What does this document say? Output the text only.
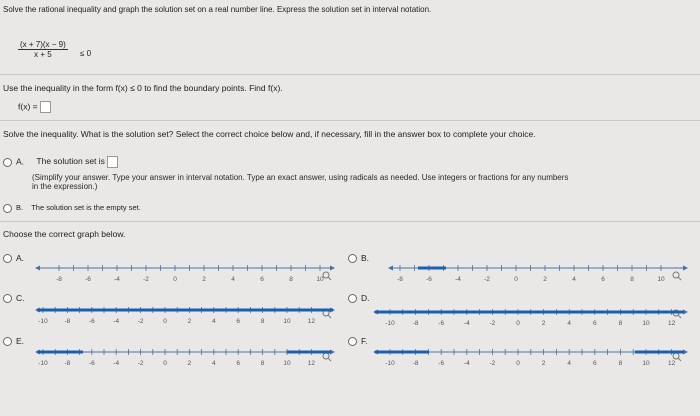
Solve the rational inequality and graph the solution set on a real number line. Express the solution set in interval notation.
$\frac{(x + 7)(x - 9)}{x + 5} \le 0$
Use the inequality in the form f(x) ≤ 0 to find the boundary points. Find f(x).
f(x) =
Solve the inequality. What is the solution set? Select the correct choice below and, if necessary, fill in the answer box to complete your choice.
A. The solution set is
(Simplify your answer. Type your answer in interval notation. Type an exact answer, using radicals as needed. Use integers or fractions for any numbers
in the expression.)
B. The solution set is the empty set.
Choose the correct graph below.
A.	B.
C.	D.
E.	F.
-8	-6	-4	-2	0	2	4	6	8	10	-8	-6	-4	-2	0	2	4	6	8	10
-10	-8	-6	-4	-2	0	2	4	6	8	10	12	-10	-8	-6	-4	-2	0	2	4	6	8	10	12
-10	-8	-6	-4	-2	0	2	4	6	8	10	12	-10	-8	-6	-4	-2	0	2	4	6	8	10	12
